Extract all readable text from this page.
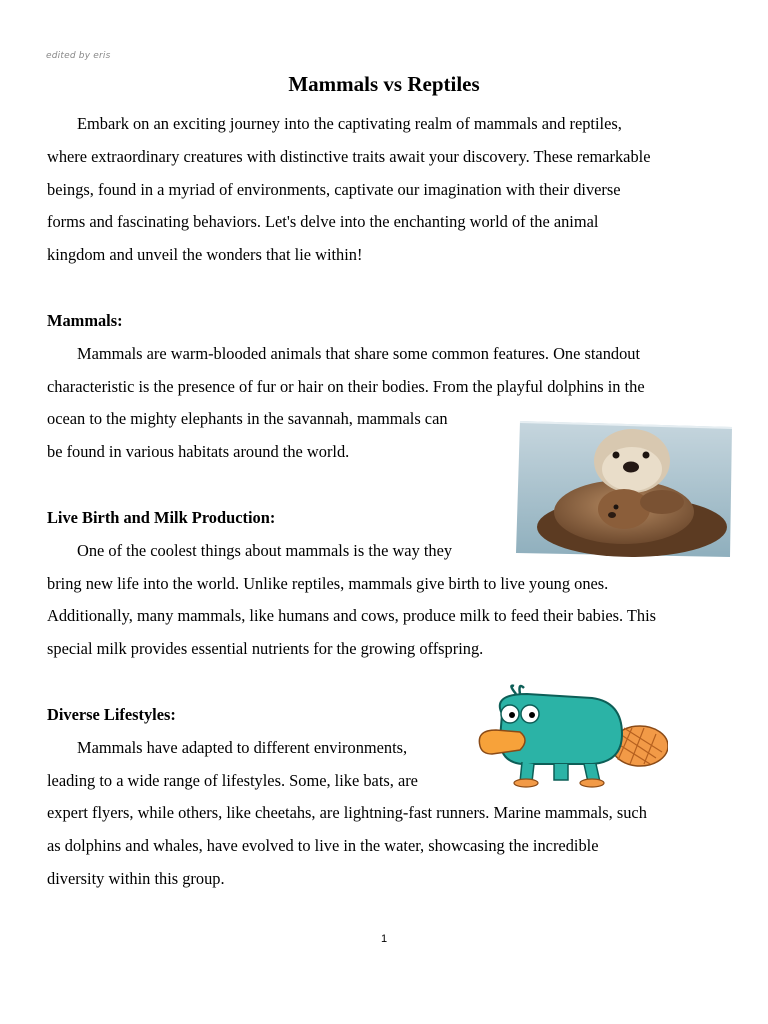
edited by eris
Mammals vs Reptiles
Embark on an exciting journey into the captivating realm of mammals and reptiles,
where extraordinary creatures with distinctive traits await your discovery. These remarkable
beings, found in a myriad of environments, captivate our imagination with their diverse
forms and fascinating behaviors. Let's delve into the enchanting world of the animal
kingdom and unveil the wonders that lie within!
Mammals:
Mammals are warm-blooded animals that share some common features. One standout
characteristic is the presence of fur or hair on their bodies. From the playful dolphins in the
ocean to the mighty elephants in the savannah, mammals can
be found in various habitats around the world.
Live Birth and Milk Production:
One of the coolest things about mammals is the way they
bring new life into the world. Unlike reptiles, mammals give birth to live young ones.
Additionally, many mammals, like humans and cows, produce milk to feed their babies. This
special milk provides essential nutrients for the growing offspring.
Diverse Lifestyles:
Mammals have adapted to different environments,
leading to a wide range of lifestyles. Some, like bats, are
expert flyers, while others, like cheetahs, are lightning-fast runners. Marine mammals, such
as dolphins and whales, have evolved to live in the water, showcasing the incredible
diversity within this group.
1
